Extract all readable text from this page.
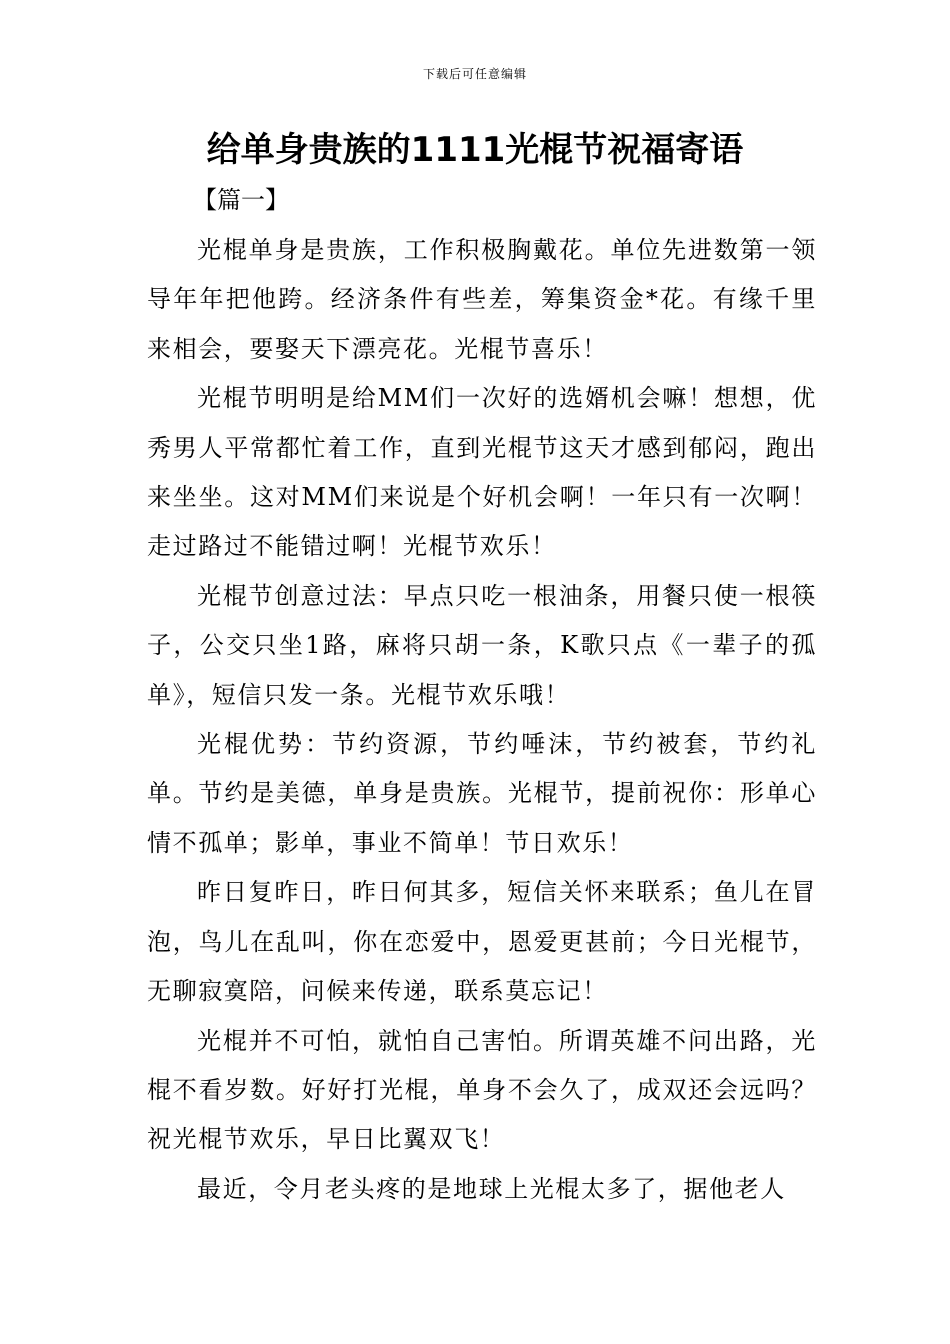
下载后可任意编辑
给单身贵族的1111光棍节祝福寄语
【篇一】

光棍单身是贵族，工作积极胸戴花。单位先进数第一领导年年把他跨。经济条件有些差，筹集资金*花。有缘千里来相会，要娶天下漂亮花。光棍节喜乐！

光棍节明明是给MM们一次好的选婿机会嘛！想想，优秀男人平常都忙着工作，直到光棍节这天才感到郁闷，跑出来坐坐。这对MM们来说是个好机会啊！一年只有一次啊！走过路过不能错过啊！光棍节欢乐！

光棍节创意过法：早点只吃一根油条，用餐只使一根筷子，公交只坐1路，麻将只胡一条，K歌只点《一辈子的孤单》，短信只发一条。光棍节欢乐哦！

光棍优势：节约资源，节约唾沫，节约被套，节约礼单。节约是美德，单身是贵族。光棍节，提前祝你：形单心情不孤单；影单，事业不简单！节日欢乐！

昨日复昨日，昨日何其多，短信关怀来联系；鱼儿在冒泡，鸟儿在乱叫，你在恋爱中，恩爱更甚前；今日光棍节，无聊寂寞陪，问候来传递，联系莫忘记！

光棍并不可怕，就怕自己害怕。所谓英雄不问出路，光棍不看岁数。好好打光棍，单身不会久了，成双还会远吗？祝光棍节欢乐，早日比翼双飞！

最近，令月老头疼的是地球上光棍太多了，据他老人
